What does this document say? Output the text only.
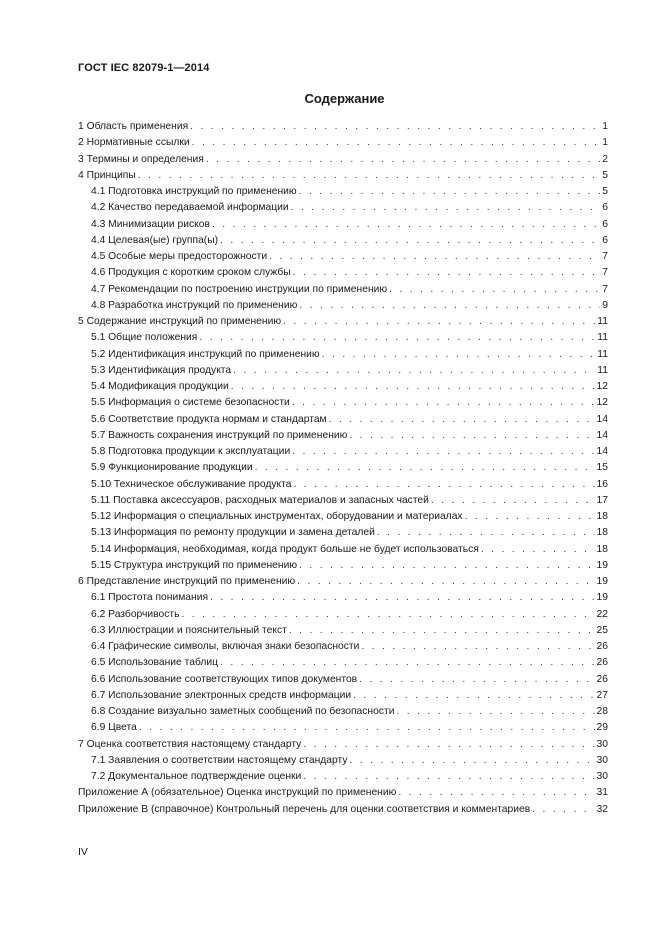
ГОСТ IEC 82079-1—2014
Содержание
1 Область применения . . .	1
2 Нормативные ссылки . . .	1
3 Термины и определения . . .	2
4 Принципы . . .	5
4.1 Подготовка инструкций по применению . . .	5
4.2 Качество передаваемой информации . . .	6
4.3 Минимизации рисков . . .	6
4.4 Целевая(ые) группа(ы) . . .	6
4.5 Особые меры предосторожности . . .	7
4.6 Продукция с коротким сроком службы . . .	7
4.7 Рекомендации по построению инструкции по применению . . .	7
4.8 Разработка инструкций по применению . . .	9
5 Содержание инструкций по применению . . .	11
5.1 Общие положения . . .	11
5.2 Идентификация инструкций по применению . . .	11
5.3 Идентификация продукта . . .	11
5.4 Модификация продукции . . .	12
5.5 Информация о системе безопасности . . .	12
5.6 Соответствие продукта нормам и стандартам . . .	14
5.7 Важность сохранения инструкций по применению . . .	14
5.8 Подготовка продукции к эксплуатации . . .	14
5.9 Функционирование продукции . . .	15
5.10 Техническое обслуживание продукта . . .	16
5.11 Поставка аксессуаров, расходных материалов и запасных частей . . .	17
5.12 Информация о специальных инструментах, оборудовании и материалах . . .	18
5.13 Информация по ремонту продукции и замена деталей . . .	18
5.14 Информация, необходимая, когда продукт больше не будет использоваться . . .	18
5.15 Структура инструкций по применению . . .	19
6 Представление инструкций по применению . . .	19
6.1 Простота понимания . . .	19
6.2 Разборчивость . . .	22
6.3 Иллюстрации и пояснительный текст . . .	25
6.4 Графические символы, включая знаки безопасности . . .	26
6.5 Использование таблиц . . .	26
6.6 Использование соответствующих типов документов . . .	26
6.7 Использование электронных средств информации . . .	27
6.8 Создание визуально заметных сообщений по безопасности . . .	28
6.9 Цвета . . .	29
7 Оценка соответствия настоящему стандарту . . .	30
7.1 Заявления о соответствии настоящему стандарту . . .	30
7.2 Документальное подтверждение оценки . . .	30
Приложение А (обязательное) Оценка инструкций по применению . . .	31
Приложение В (справочное) Контрольный перечень для оценки соответствия и комментариев . . .	32
IV
